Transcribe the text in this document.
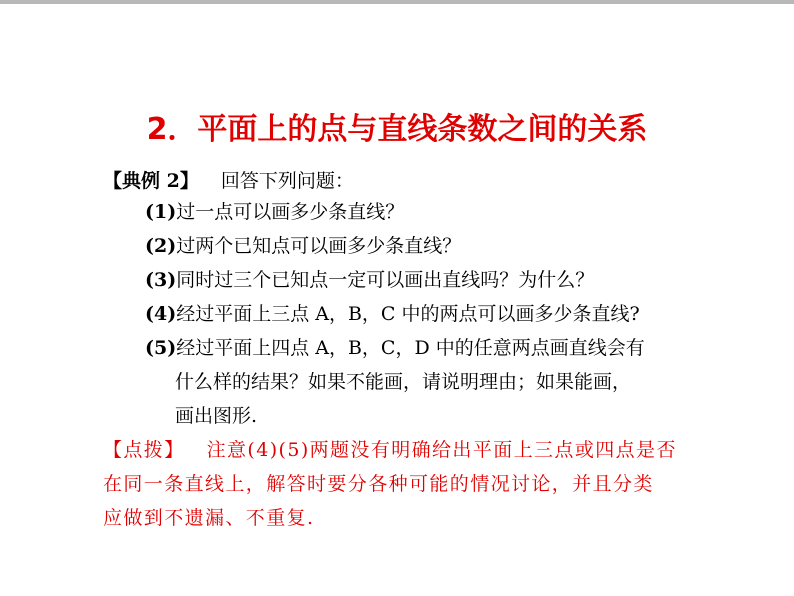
2．平面上的点与直线条数之间的关系
【典例 2】 回答下列问题：
(1)过一点可以画多少条直线？
(2)过两个已知点可以画多少条直线？
(3)同时过三个已知点一定可以画出直线吗？为什么？
(4)经过平面上三点 A，B，C 中的两点可以画多少条直线?
(5)经过平面上四点 A，B，C，D 中的任意两点画直线会有
什么样的结果？如果不能画，请说明理由；如果能画，
画出图形.
【点拨】 注意(4)(5)两题没有明确给出平面上三点或四点是否
在同一条直线上，解答时要分各种可能的情况讨论，并且分类
应做到不遗漏、不重复.
